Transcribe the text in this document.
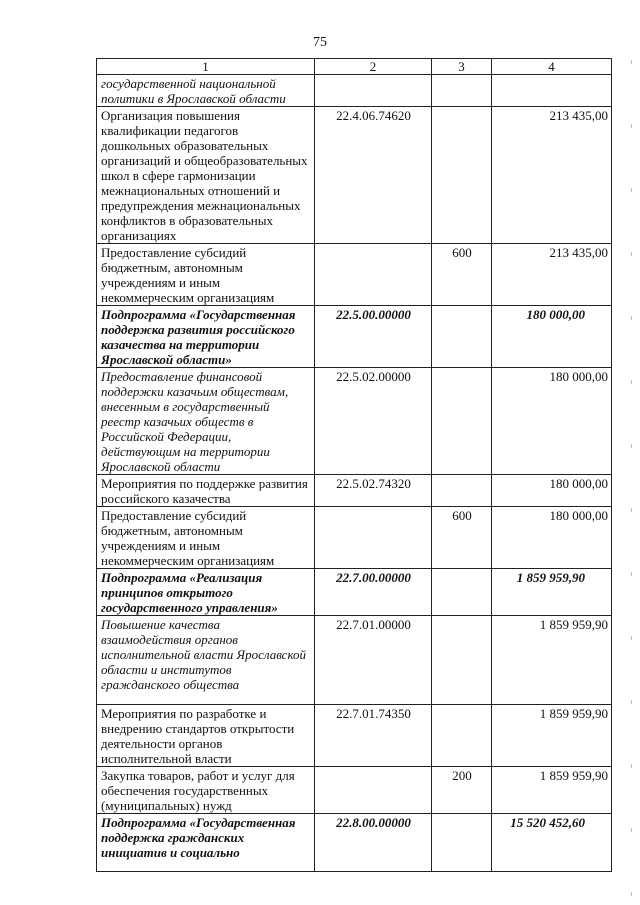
75
1	2	3	4
государственной национальной политики в Ярославской области			
Организация повышения квалификации педагогов дошкольных образовательных организаций и общеобразовательных школ в сфере гармонизации межнациональных отношений и предупреждения межнациональных конфликтов в образовательных организациях	22.4.06.74620		213 435,00
Предоставление субсидий бюджетным, автономным учреждениям и иным некоммерческим организациям		600	213 435,00
Подпрограмма «Государственная поддержка развития российского казачества на территории Ярославской области»	22.5.00.00000		180 000,00
Предоставление финансовой поддержки казачьим обществам, внесенным в государственный реестр казачьих обществ в Российской Федерации, действующим на территории Ярославской области	22.5.02.00000		180 000,00
Мероприятия по поддержке развития российского казачества	22.5.02.74320		180 000,00
Предоставление субсидий бюджетным, автономным учреждениям и иным некоммерческим организациям		600	180 000,00
Подпрограмма «Реализация принципов открытого государственного управления»	22.7.00.00000		1 859 959,90
Повышение качества взаимодействия органов исполнительной власти Ярославской области и институтов гражданского общества	22.7.01.00000		1 859 959,90
Мероприятия по разработке и внедрению стандартов открытости деятельности органов исполнительной власти	22.7.01.74350		1 859 959,90
Закупка товаров, работ и услуг для обеспечения государственных (муниципальных) нужд		200	1 859 959,90
Подпрограмма «Государственная поддержка гражданских инициатив и социально	22.8.00.00000		15 520 452,60
